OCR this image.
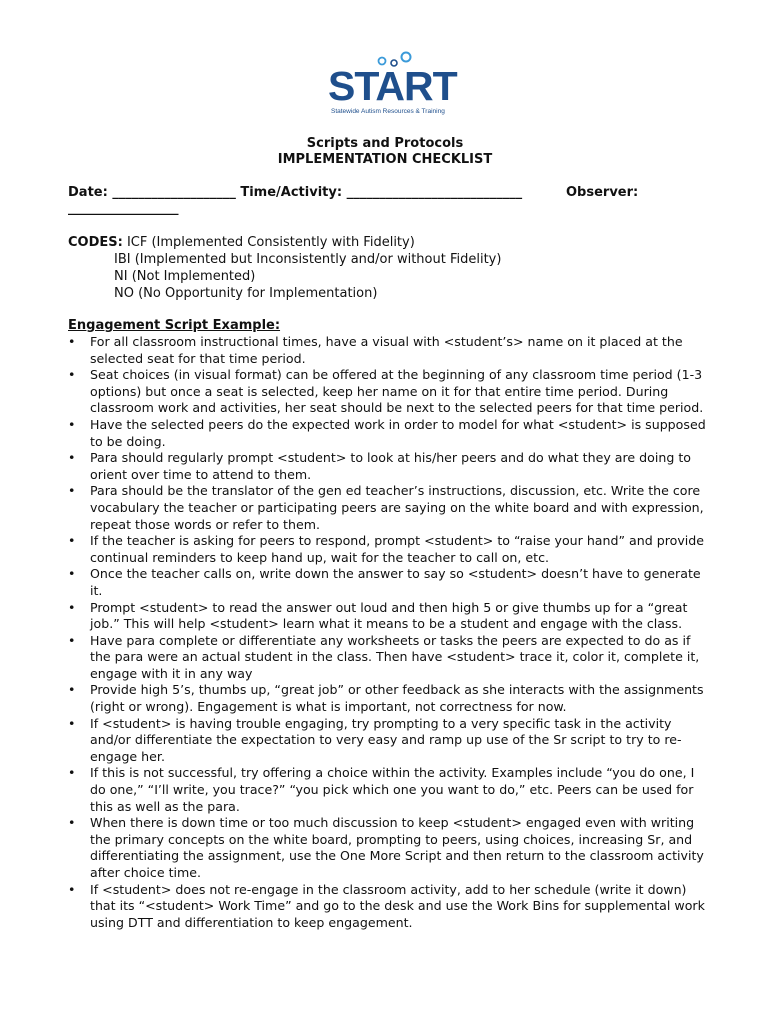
START
Statewide Autism Resources & Training
Scripts and Protocols
IMPLEMENTATION CHECKLIST
Date: ___________________ Time/Activity: ___________________________	Observer:
_________________
CODES: ICF (Implemented Consistently with Fidelity)
IBI (Implemented but Inconsistently and/or without Fidelity)
NI (Not Implemented)
NO (No Opportunity for Implementation)
Engagement Script Example:
• For all classroom instructional times, have a visual with <student’s> name on it placed at the selected seat for that time period.
• Seat choices (in visual format) can be offered at the beginning of any classroom time period (1-3 options) but once a seat is selected, keep her name on it for that entire time period. During classroom work and activities, her seat should be next to the selected peers for that time period.
• Have the selected peers do the expected work in order to model for what <student> is supposed to be doing.
• Para should regularly prompt <student> to look at his/her peers and do what they are doing to orient over time to attend to them.
• Para should be the translator of the gen ed teacher’s instructions, discussion, etc. Write the core vocabulary the teacher or participating peers are saying on the white board and with expression, repeat those words or refer to them.
• If the teacher is asking for peers to respond, prompt <student> to “raise your hand” and provide continual reminders to keep hand up, wait for the teacher to call on, etc.
• Once the teacher calls on, write down the answer to say so <student> doesn’t have to generate it.
• Prompt <student> to read the answer out loud and then high 5 or give thumbs up for a “great job.” This will help <student> learn what it means to be a student and engage with the class.
• Have para complete or differentiate any worksheets or tasks the peers are expected to do as if the para were an actual student in the class. Then have <student> trace it, color it, complete it, engage with it in any way
• Provide high 5’s, thumbs up, “great job” or other feedback as she interacts with the assignments (right or wrong). Engagement is what is important, not correctness for now.
• If <student> is having trouble engaging, try prompting to a very specific task in the activity and/or differentiate the expectation to very easy and ramp up use of the Sr script to try to re-engage her.
• If this is not successful, try offering a choice within the activity. Examples include “you do one, I do one,” “I’ll write, you trace?” “you pick which one you want to do,” etc. Peers can be used for this as well as the para.
• When there is down time or too much discussion to keep <student> engaged even with writing the primary concepts on the white board, prompting to peers, using choices, increasing Sr, and differentiating the assignment, use the One More Script and then return to the classroom activity after choice time.
• If <student> does not re-engage in the classroom activity, add to her schedule (write it down) that its “<student> Work Time” and go to the desk and use the Work Bins for supplemental work using DTT and differentiation to keep engagement.
